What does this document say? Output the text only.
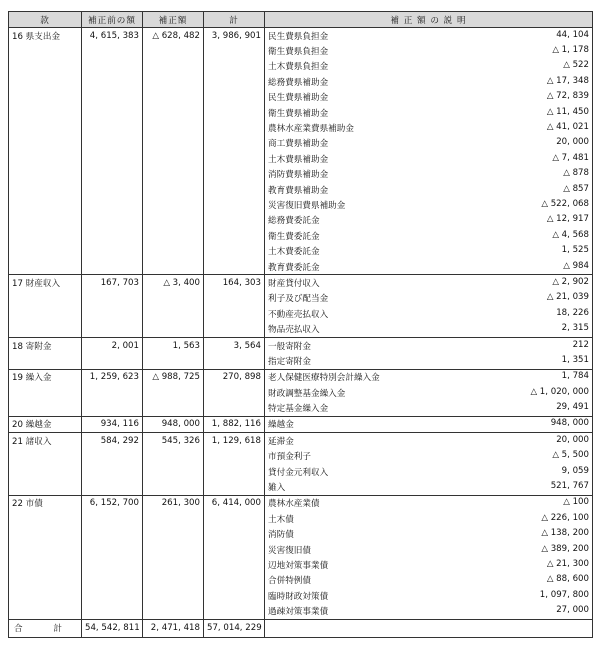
款	補正前の額	補正額	計	補 正 額 の 説 明
16 県支出金	4, 615, 383	△ 628, 482	3, 986, 901	民生費県負担金 44, 104

				衛生費県負担金 △ 1, 178

				土木費県負担金 △ 522

				総務費県補助金 △ 17, 348

				民生費県補助金 △ 72, 839

				衛生費県補助金 △ 11, 450

				農林水産業費県補助金 △ 41, 021

				商工費県補助金 20, 000

				土木費県補助金 △ 7, 481

				消防費県補助金 △ 878

				教育費県補助金 △ 857

				災害復旧費県補助金 △ 522, 068

				総務費委託金 △ 12, 917

				衛生費委託金 △ 4, 568

				土木費委託金 1, 525

				教育費委託金 △ 984

17 財産収入	167, 703	△ 3, 400	164, 303	財産貸付収入 △ 2, 902

				利子及び配当金 △ 21, 039

				不動産売払収入 18, 226

				物品売払収入 2, 315

18 寄附金	2, 001	1, 563	3, 564	一般寄附金 212

				指定寄附金 1, 351

19 繰入金	1, 259, 623	△ 988, 725	270, 898	老人保健医療特別会計繰入金 1, 784

				財政調整基金繰入金 △ 1, 020, 000

				特定基金繰入金 29, 491

20 繰越金	934, 116	948, 000	1, 882, 116	繰越金 948, 000

21 諸収入	584, 292	545, 326	1, 129, 618	延滞金 20, 000

				市預金利子 △ 5, 500

				貸付金元利収入 9, 059

				雑入 521, 767

22 市債	6, 152, 700	261, 300	6, 414, 000	農林水産業債 △ 100

				土木債 △ 226, 100

				消防債 △ 138, 200

				災害復旧債 △ 389, 200

				辺地対策事業債 △ 21, 300

				合併特例債 △ 88, 600

				臨時財政対策債 1, 097, 800

				過疎対策事業債 27, 000

合 計	54, 542, 811	2, 471, 418	57, 014, 229	
